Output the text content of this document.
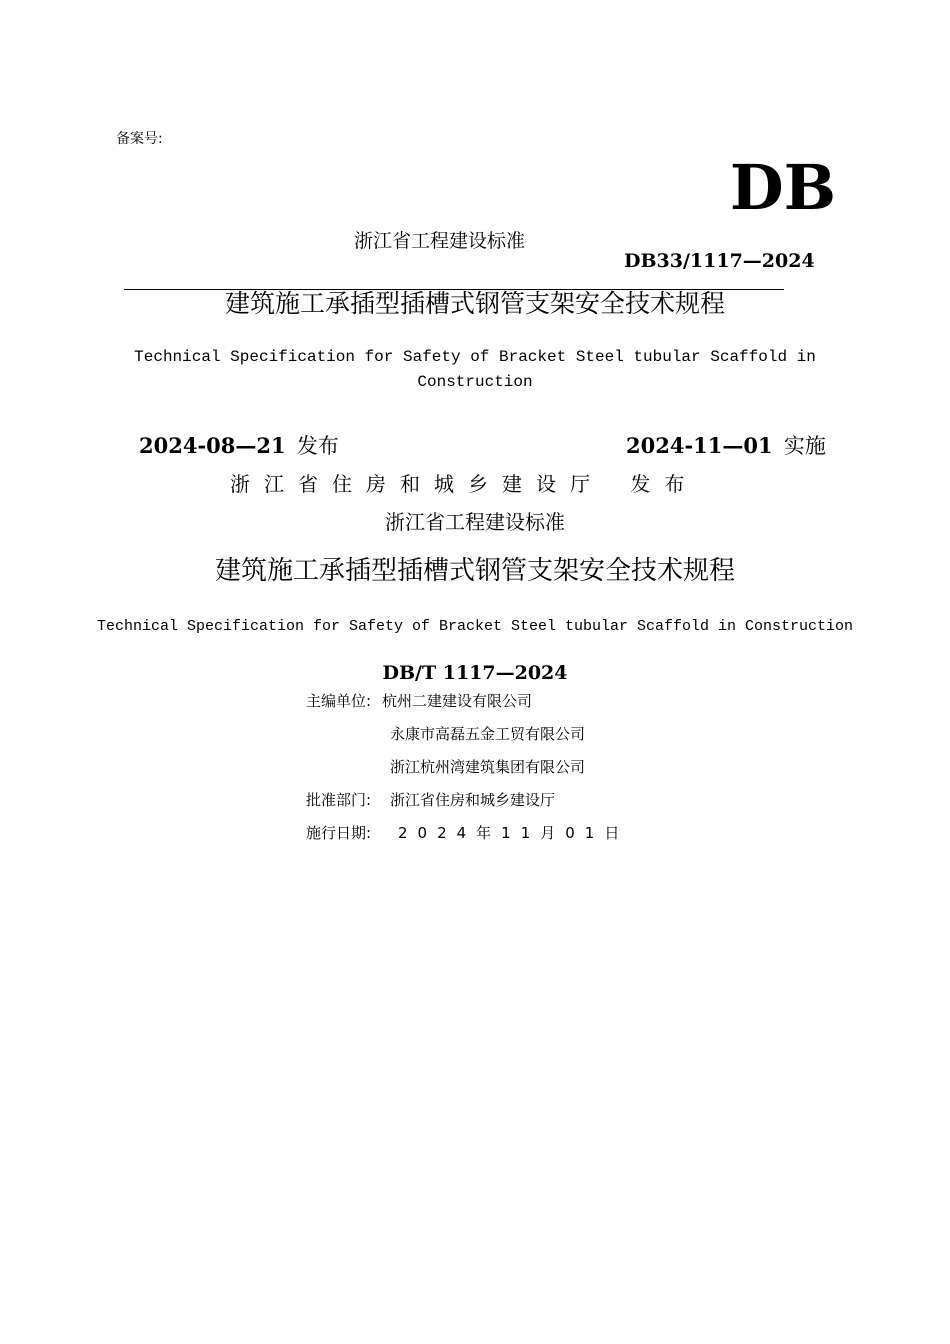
备案号:
DB
浙江省工程建设标准
DB33/1117—2024
建筑施工承插型插槽式钢管支架安全技术规程
Technical Specification for Safety of Bracket Steel tubular Scaffold in
Construction
2024-08—21 发布	2024-11—01 实施
浙江省住房和城乡建设厅 发布
浙江省工程建设标准
建筑施工承插型插槽式钢管支架安全技术规程
Technical Specification for Safety of Bracket Steel tubular Scaffold in Construction
DB/T 1117—2024
主编单位: 杭州二建建设有限公司
永康市高磊五金工贸有限公司
浙江杭州湾建筑集团有限公司
批准部门: 浙江省住房和城乡建设厅
施行日期: 2024年11月01日
